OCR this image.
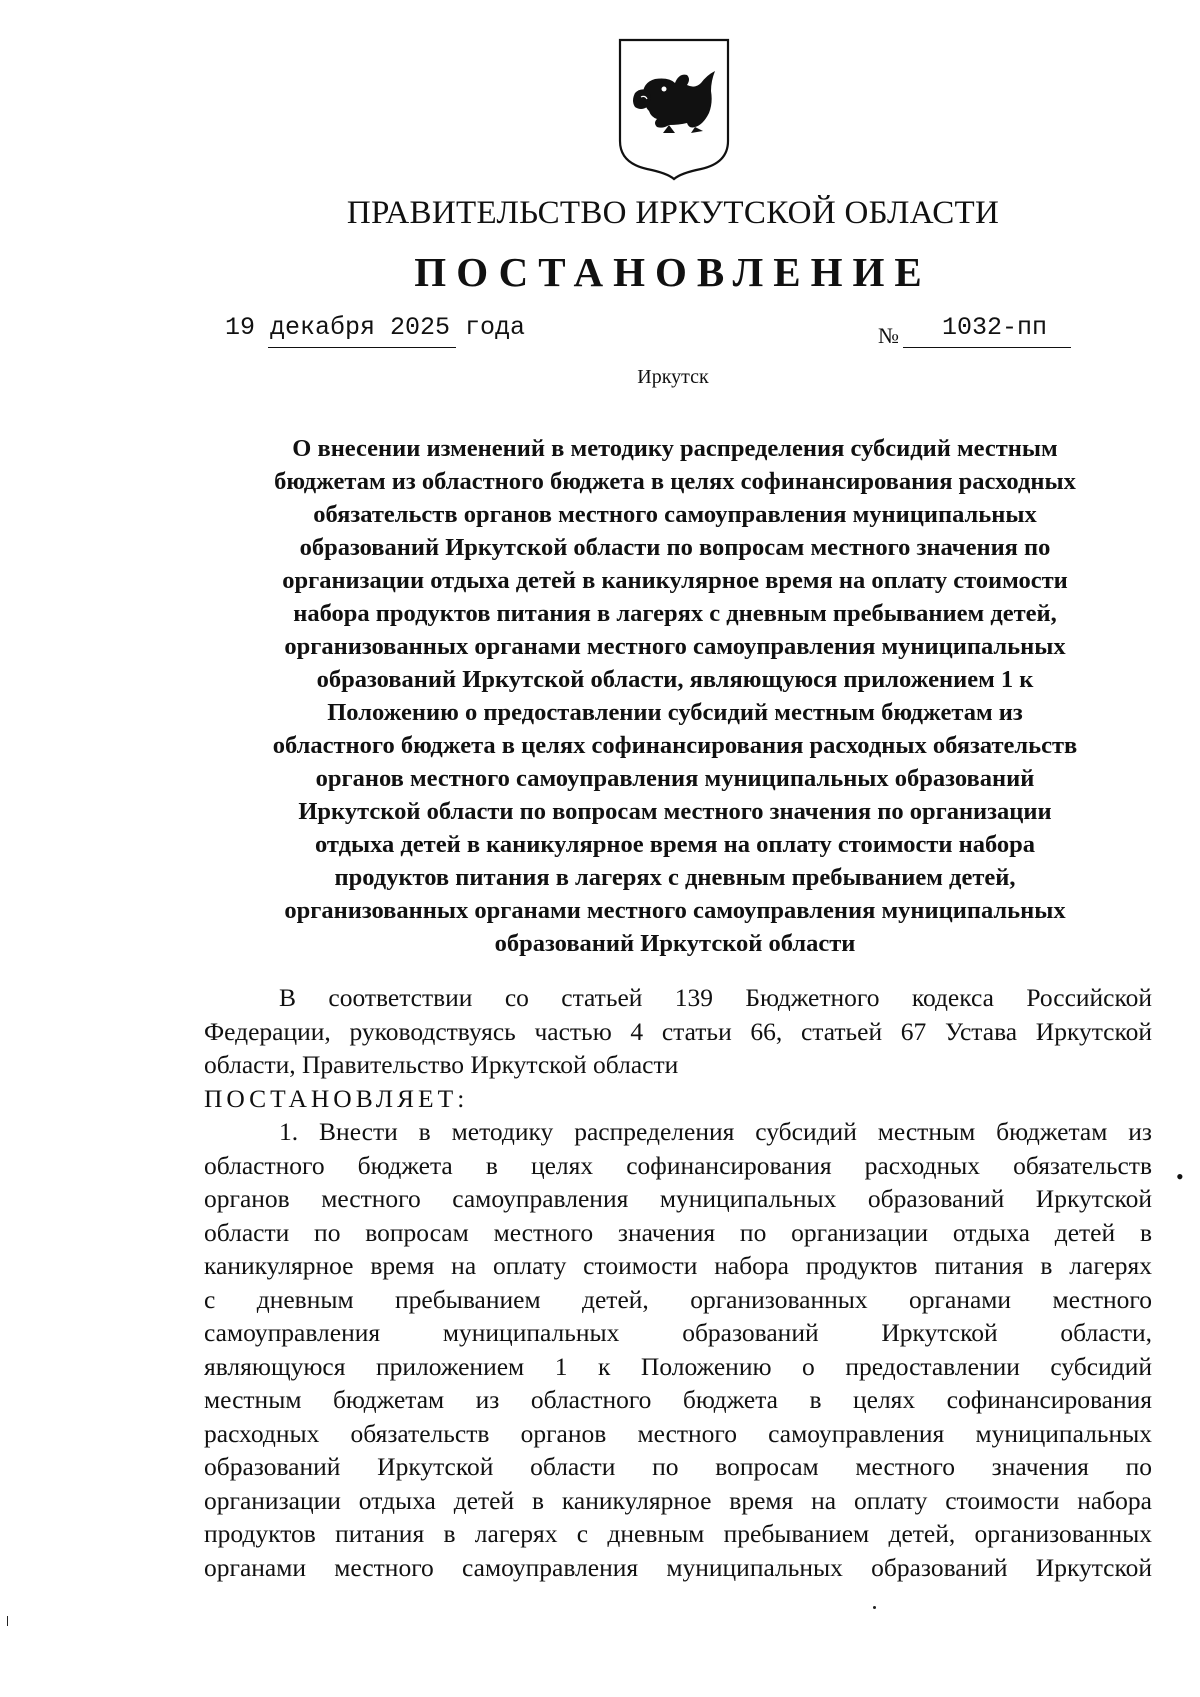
ПРАВИТЕЛЬСТВО ИРКУТСКОЙ ОБЛАСТИ
ПОСТАНОВЛЕНИЕ
19 декабря 2025 года	№ 1032-пп
Иркутск
О внесении изменений в методику распределения субсидий местным
бюджетам из областного бюджета в целях софинансирования расходных
обязательств органов местного самоуправления муниципальных
образований Иркутской области по вопросам местного значения по
организации отдыха детей в каникулярное время на оплату стоимости
набора продуктов питания в лагерях с дневным пребыванием детей,
организованных органами местного самоуправления муниципальных
образований Иркутской области, являющуюся приложением 1 к
Положению о предоставлении субсидий местным бюджетам из
областного бюджета в целях софинансирования расходных обязательств
органов местного самоуправления муниципальных образований
Иркутской области по вопросам местного значения по организации
отдыха детей в каникулярное время на оплату стоимости набора
продуктов питания в лагерях с дневным пребыванием детей,
организованных органами местного самоуправления муниципальных
образований Иркутской области
В соответствии со статьей 139 Бюджетного кодекса Российской
Федерации, руководствуясь частью 4 статьи 66, статьей 67 Устава Иркутской
области, Правительство Иркутской области
ПОСТАНОВЛЯЕТ:
1. Внести в методику распределения субсидий местным бюджетам из
областного бюджета в целях софинансирования расходных обязательств
органов местного самоуправления муниципальных образований Иркутской
области по вопросам местного значения по организации отдыха детей в
каникулярное время на оплату стоимости набора продуктов питания в лагерях
с дневным пребыванием детей, организованных органами местного
самоуправления муниципальных образований Иркутской области,
являющуюся приложением 1 к Положению о предоставлении субсидий
местным бюджетам из областного бюджета в целях софинансирования
расходных обязательств органов местного самоуправления муниципальных
образований Иркутской области по вопросам местного значения по
организации отдыха детей в каникулярное время на оплату стоимости набора
продуктов питания в лагерях с дневным пребыванием детей, организованных
органами местного самоуправления муниципальных образований Иркутской
•
